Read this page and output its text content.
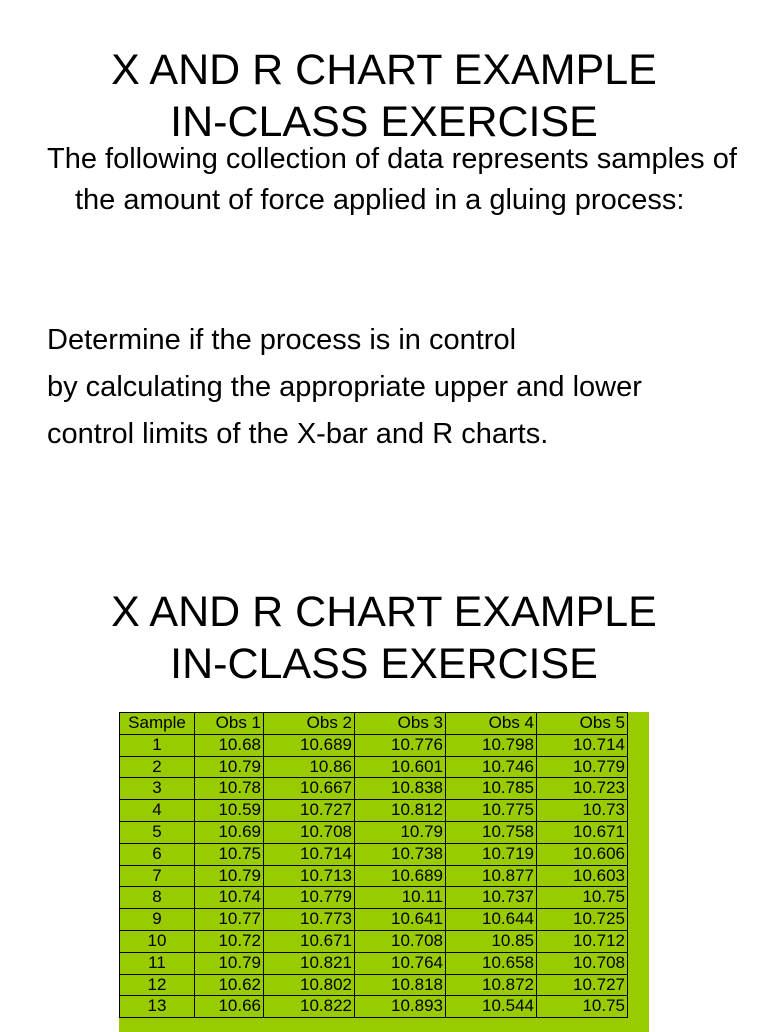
X AND R CHART EXAMPLE
IN-CLASS EXERCISE

The following collection of data represents samples of the amount of force applied in a gluing process:

Determine if the process is in control

by calculating the appropriate upper and lower

control limits of the X-bar and R charts.

X AND R CHART EXAMPLE
IN-CLASS EXERCISE
Sample	Obs 1	Obs 2	Obs 3	Obs 4	Obs 5
1	10.68	10.689	10.776	10.798	10.714
2	10.79	10.86	10.601	10.746	10.779
3	10.78	10.667	10.838	10.785	10.723
4	10.59	10.727	10.812	10.775	10.73
5	10.69	10.708	10.79	10.758	10.671
6	10.75	10.714	10.738	10.719	10.606
7	10.79	10.713	10.689	10.877	10.603
8	10.74	10.779	10.11	10.737	10.75
9	10.77	10.773	10.641	10.644	10.725
10	10.72	10.671	10.708	10.85	10.712
11	10.79	10.821	10.764	10.658	10.708
12	10.62	10.802	10.818	10.872	10.727
13	10.66	10.822	10.893	10.544	10.75
